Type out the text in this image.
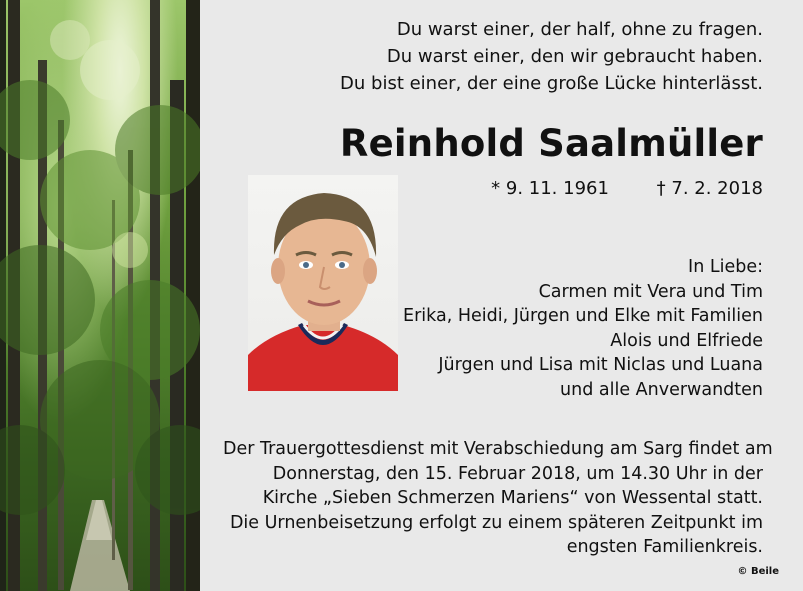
Du warst einer, der half, ohne zu fragen.
Du warst einer, den wir gebraucht haben.
Du bist einer, der eine große Lücke hinterlässt.
Reinhold Saalmüller
* 9. 11. 1961	† 7. 2. 2018
In Liebe:
Carmen mit Vera und Tim
Erika, Heidi, Jürgen und Elke mit Familien
Alois und Elfriede
Jürgen und Lisa mit Niclas und Luana
und alle Anverwandten
Der Trauergottesdienst mit Verabschiedung am Sarg findet am
Donnerstag, den 15. Februar 2018, um 14.30 Uhr in der
Kirche „Sieben Schmerzen Mariens“ von Wessental statt.
Die Urnenbeisetzung erfolgt zu einem späteren Zeitpunkt im
engsten Familienkreis.
© Beile
